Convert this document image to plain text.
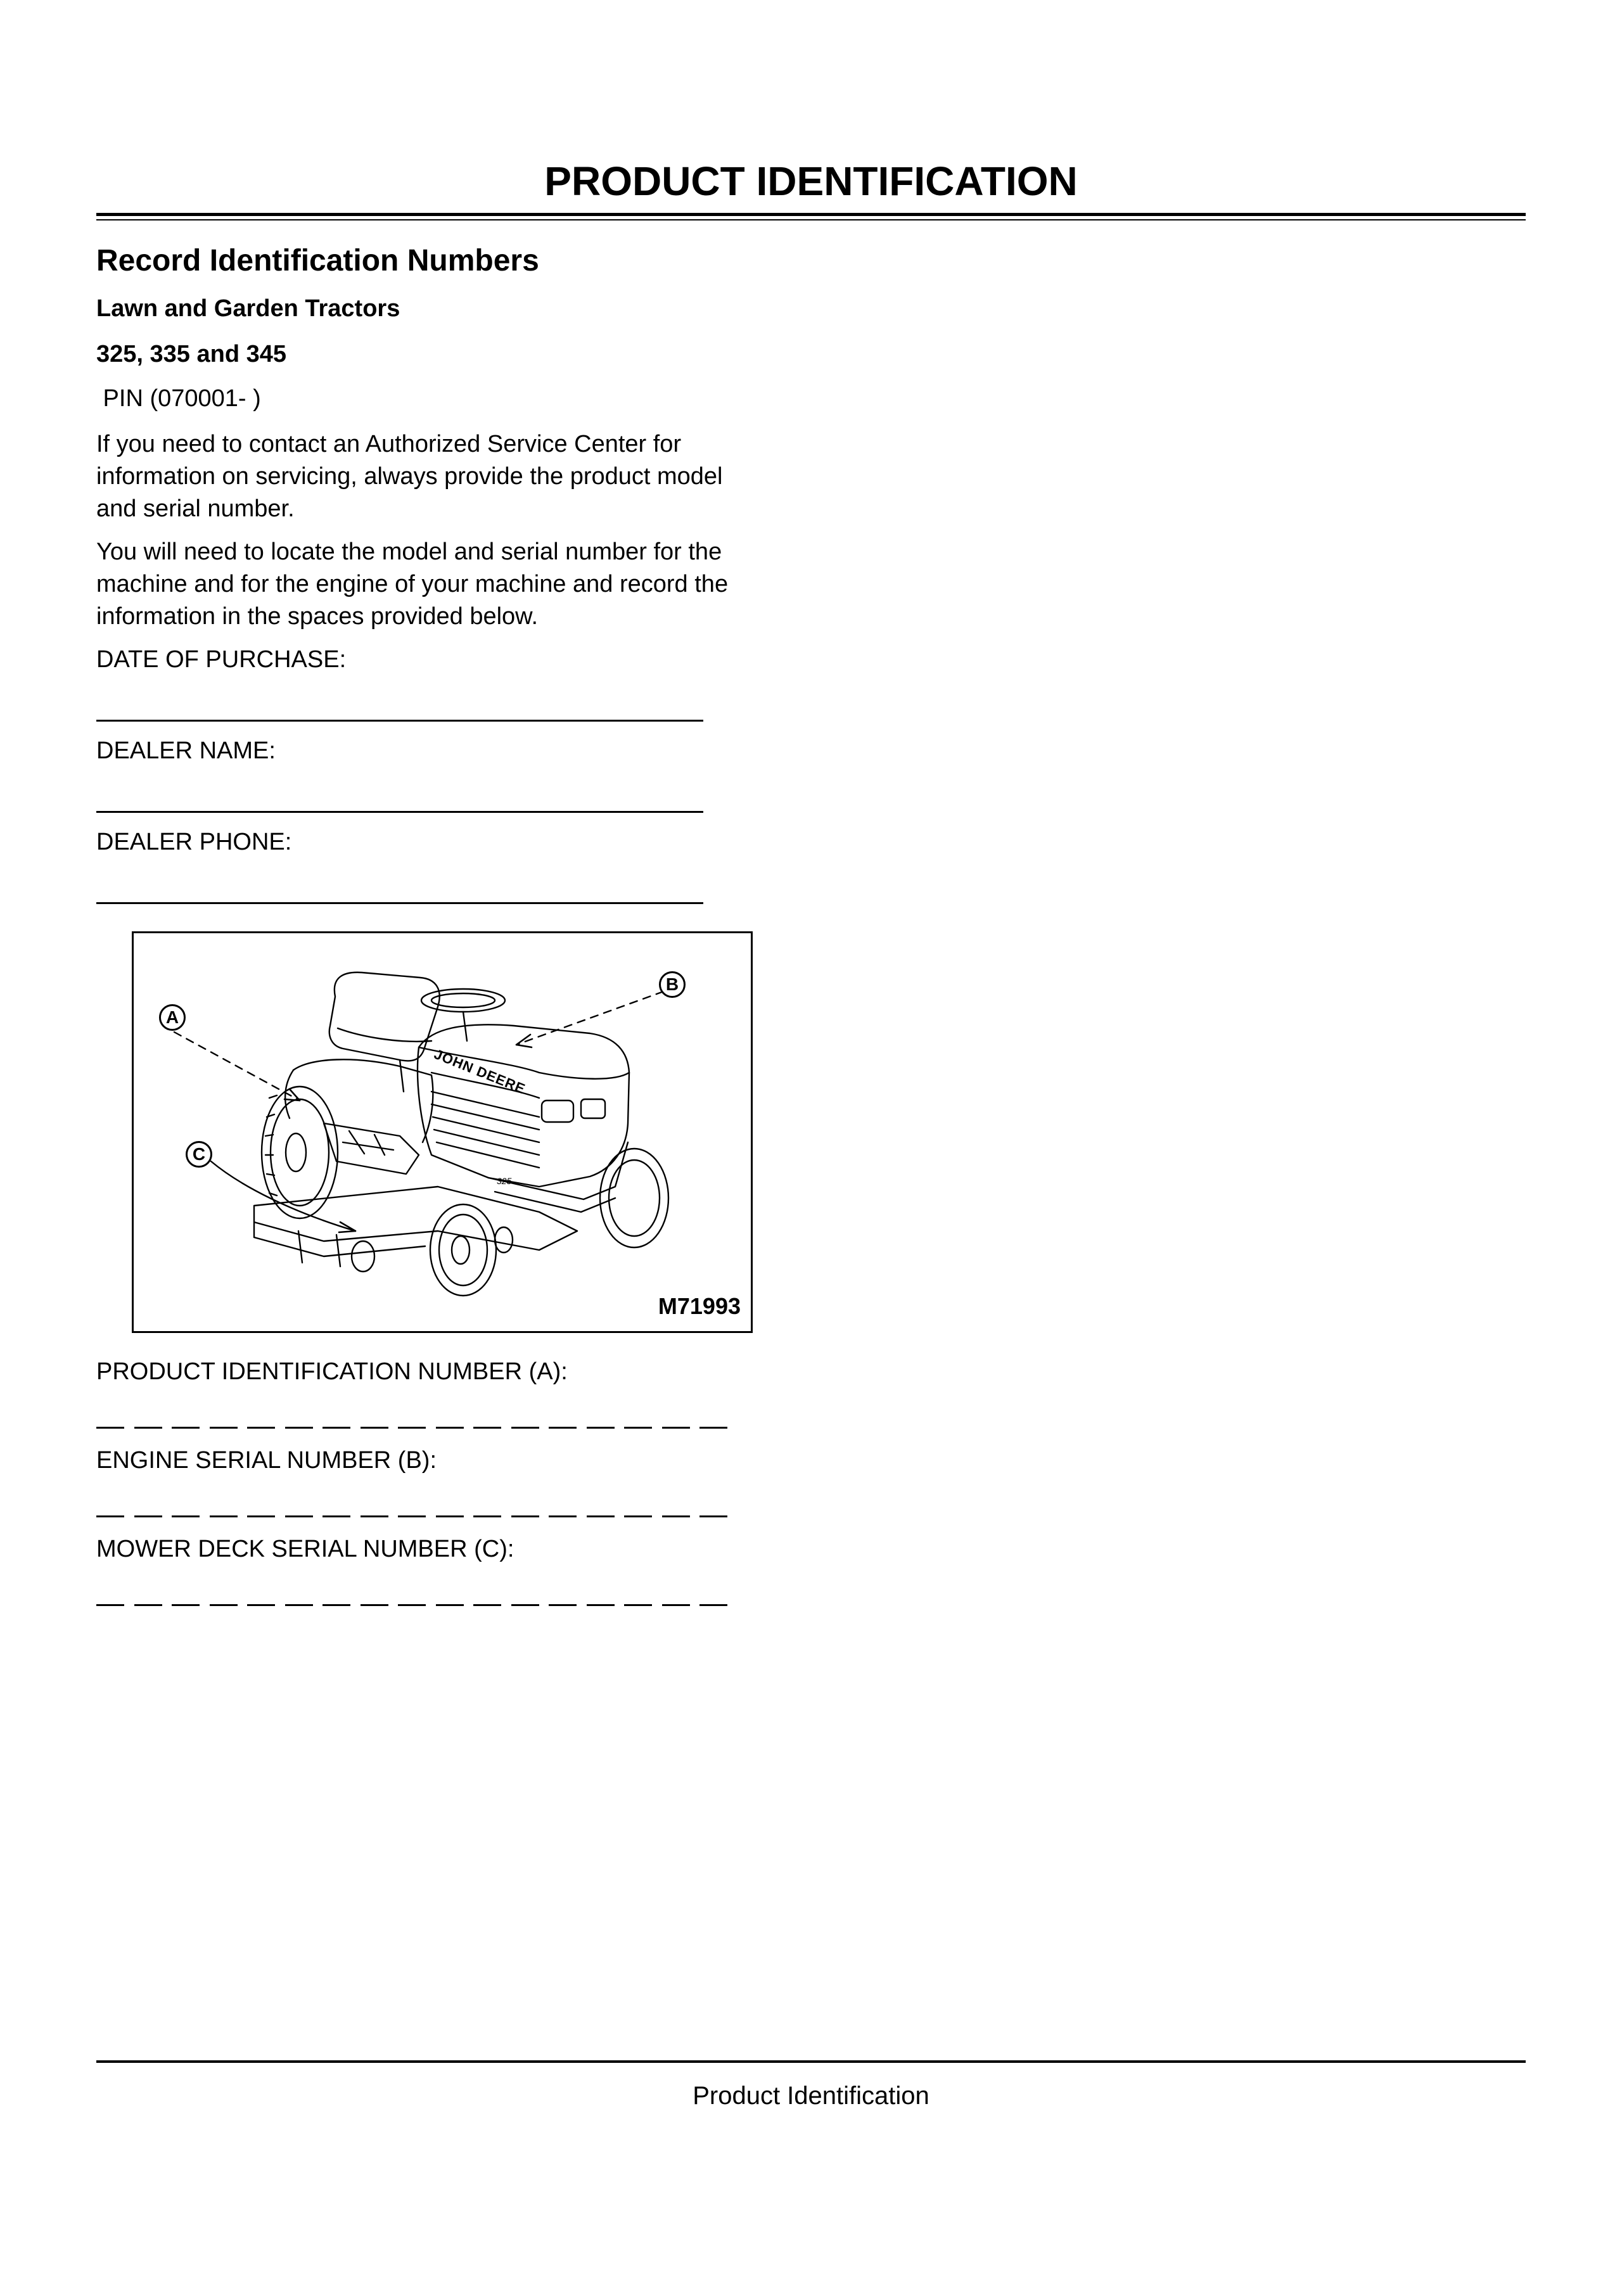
PRODUCT IDENTIFICATION
Record Identification Numbers
Lawn and Garden Tractors
325, 335 and 345
PIN (070001- )
If you need to contact an Authorized Service Center for
information on servicing, always provide the product model
and serial number.
You will need to locate the model and serial number for the
machine and for the engine of your machine and record the
information in the spaces provided below.
DATE OF PURCHASE:
DEALER NAME:
DEALER PHONE:
JOHN DEERE
325
A
B
C
M71993
PRODUCT IDENTIFICATION NUMBER (A):
ENGINE SERIAL NUMBER (B):
MOWER DECK SERIAL NUMBER (C):
Product Identification
